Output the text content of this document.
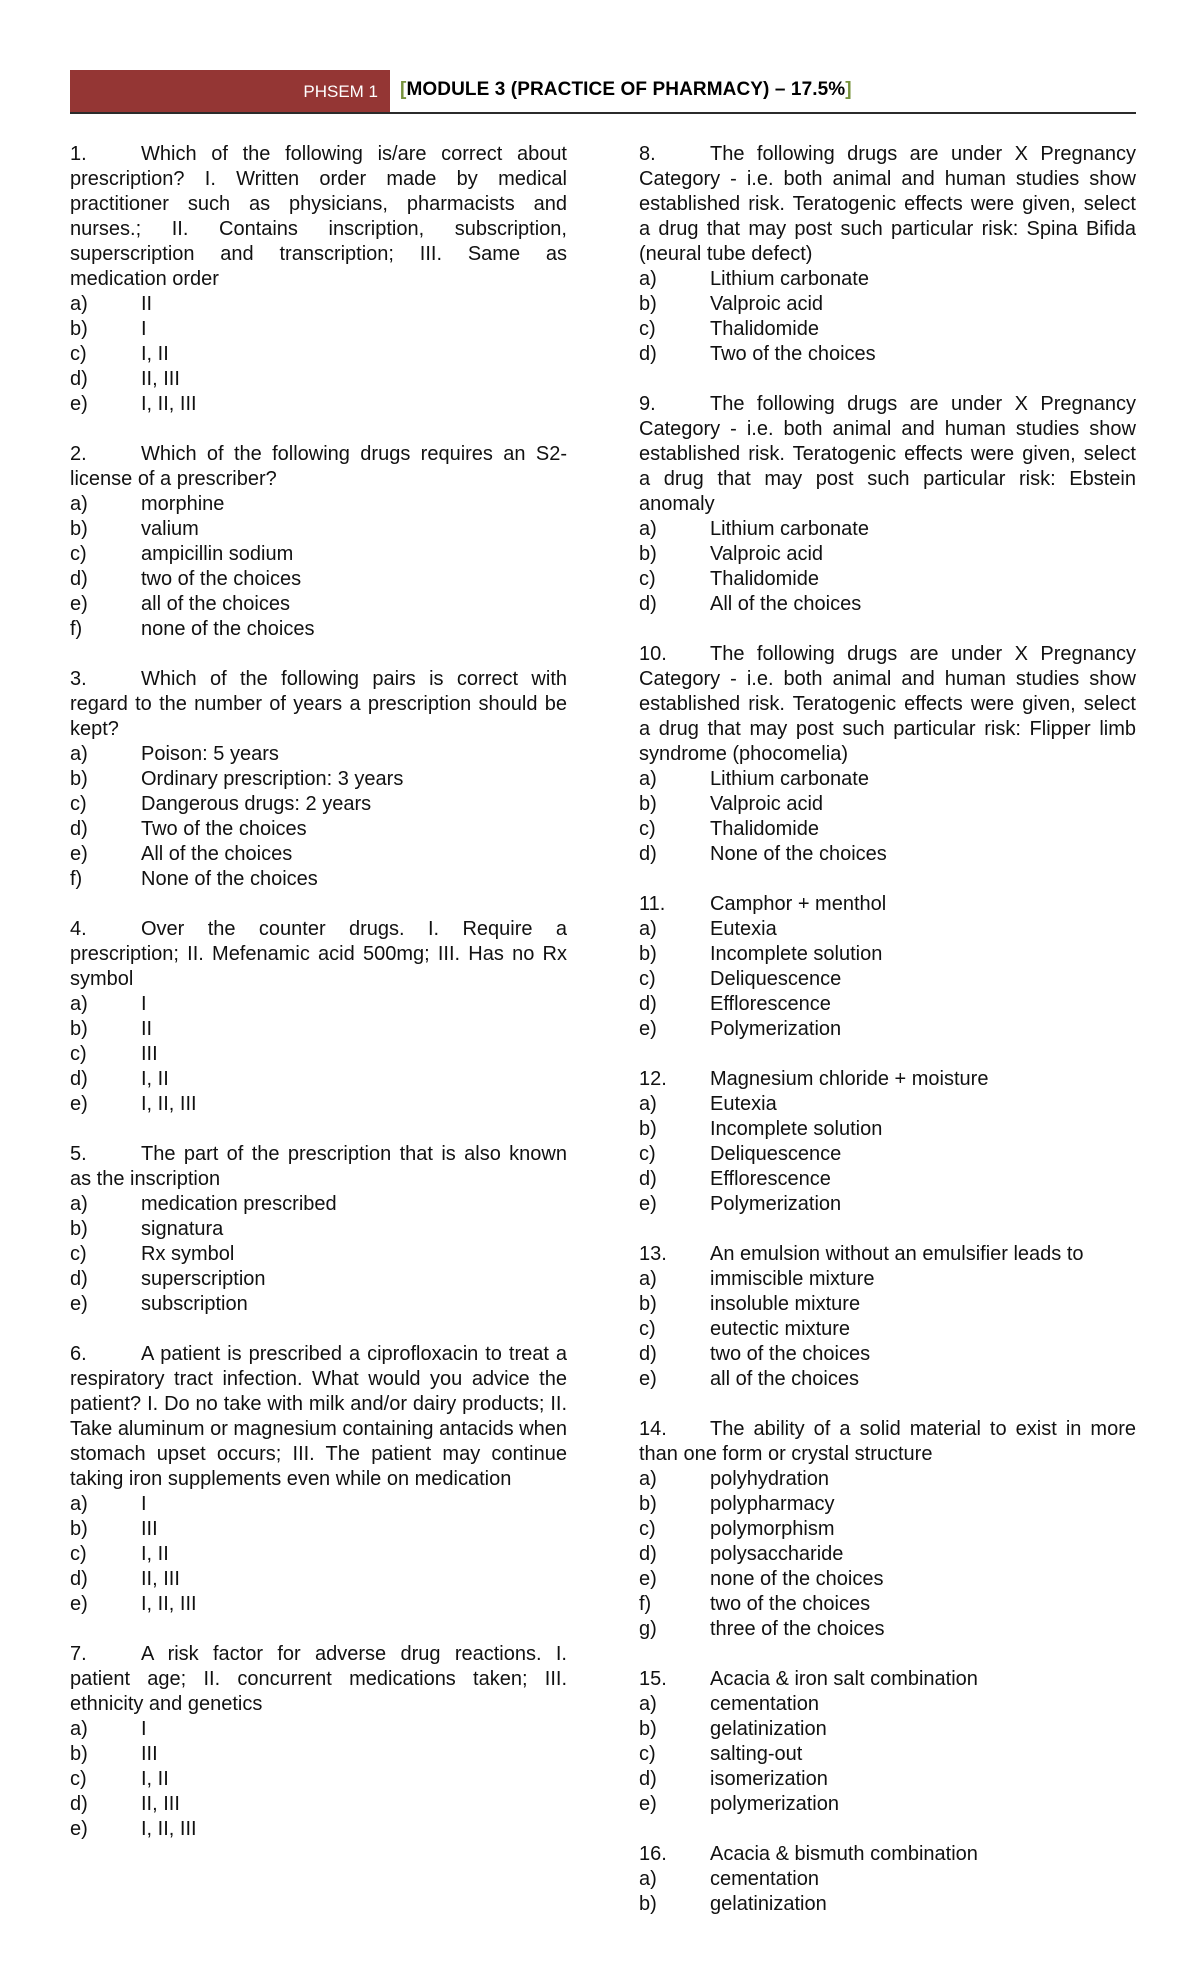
PHSEM 1 [MODULE 3 (PRACTICE OF PHARMACY) – 17.5%]
1.	Which of the following is/are correct about prescription? I. Written order made by medical practitioner such as physicians, pharmacists and nurses.; II. Contains inscription, subscription, superscription and transcription; III. Same as medication order
a)	II
b)	I
c)	I, II
d)	II, III
e)	I, II, III
2.	Which of the following drugs requires an S2-license of a prescriber?
a)	morphine
b)	valium
c)	ampicillin sodium
d)	two of the choices
e)	all of the choices
f)	none of the choices
3.	Which of the following pairs is correct with regard to the number of years a prescription should be kept?
a)	Poison: 5 years
b)	Ordinary prescription: 3 years
c)	Dangerous drugs: 2 years
d)	Two of the choices
e)	All of the choices
f)	None of the choices
4.	Over the counter drugs. I. Require a prescription; II. Mefenamic acid 500mg; III. Has no Rx symbol
a)	I
b)	II
c)	III
d)	I, II
e)	I, II, III
5.	The part of the prescription that is also known as the inscription
a)	medication prescribed
b)	signatura
c)	Rx symbol
d)	superscription
e)	subscription
6.	A patient is prescribed a ciprofloxacin to treat a respiratory tract infection. What would you advice the patient? I. Do no take with milk and/or dairy products; II. Take aluminum or magnesium containing antacids when stomach upset occurs; III. The patient may continue taking iron supplements even while on medication
a)	I
b)	III
c)	I, II
d)	II, III
e)	I, II, III
7.	A risk factor for adverse drug reactions. I. patient age; II. concurrent medications taken; III. ethnicity and genetics
a)	I
b)	III
c)	I, II
d)	II, III
e)	I, II, III
8.	The following drugs are under X Pregnancy Category - i.e. both animal and human studies show established risk. Teratogenic effects were given, select a drug that may post such particular risk: Spina Bifida (neural tube defect)
a)	Lithium carbonate
b)	Valproic acid
c)	Thalidomide
d)	Two of the choices
9.	The following drugs are under X Pregnancy Category - i.e. both animal and human studies show established risk. Teratogenic effects were given, select a drug that may post such particular risk: Ebstein anomaly
a)	Lithium carbonate
b)	Valproic acid
c)	Thalidomide
d)	All of the choices
10. The following drugs are under X Pregnancy Category - i.e. both animal and human studies show established risk. Teratogenic effects were given, select a drug that may post such particular risk: Flipper limb syndrome (phocomelia)
a)	Lithium carbonate
b)	Valproic acid
c)	Thalidomide
d)	None of the choices
11. Camphor + menthol
a)	Eutexia
b)	Incomplete solution
c)	Deliquescence
d)	Efflorescence
e)	Polymerization
12. Magnesium chloride + moisture
a)	Eutexia
b)	Incomplete solution
c)	Deliquescence
d)	Efflorescence
e)	Polymerization
13. An emulsion without an emulsifier leads to
a)	immiscible mixture
b)	insoluble mixture
c)	eutectic mixture
d)	two of the choices
e)	all of the choices
14. The ability of a solid material to exist in more than one form or crystal structure
a)	polyhydration
b)	polypharmacy
c)	polymorphism
d)	polysaccharide
e)	none of the choices
f)	two of the choices
g)	three of the choices
15. Acacia & iron salt combination
a)	cementation
b)	gelatinization
c)	salting-out
d)	isomerization
e)	polymerization
16. Acacia & bismuth combination
a)	cementation
b)	gelatinization
